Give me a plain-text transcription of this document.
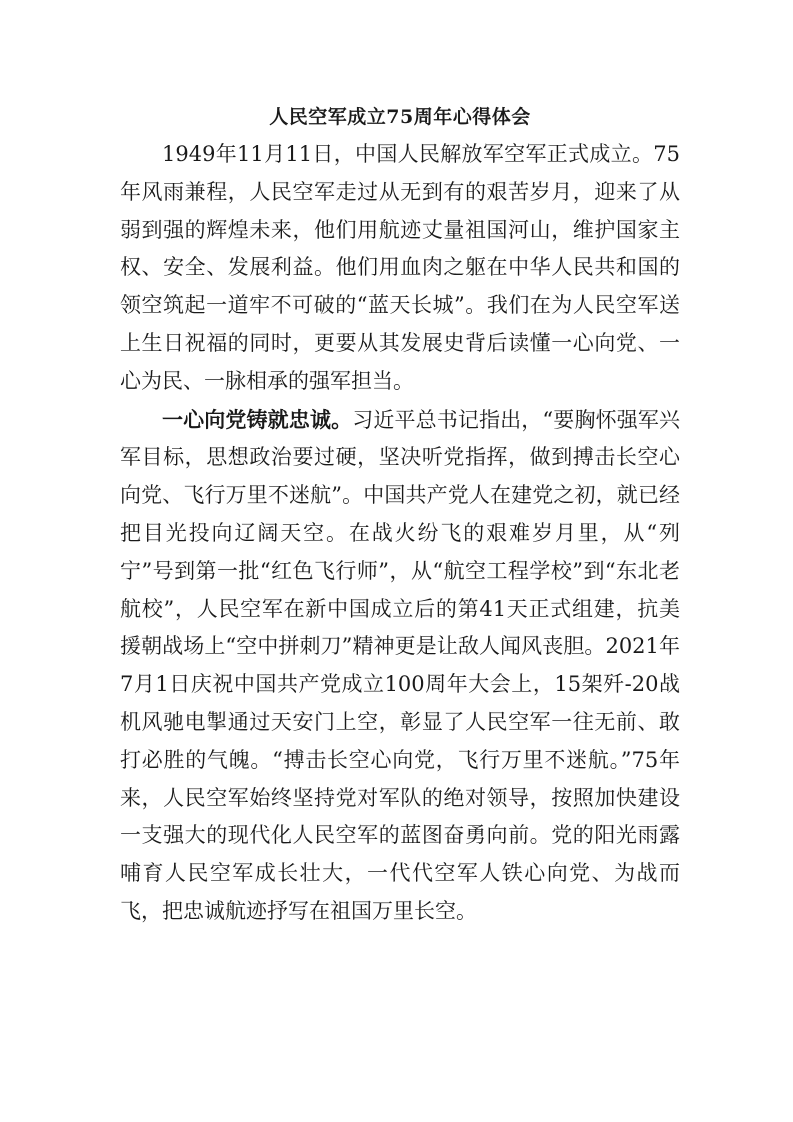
人民空军成立75周年心得体会

1949年11月11日，中国人民解放军空军正式成立。75年风雨兼程，人民空军走过从无到有的艰苦岁月，迎来了从弱到强的辉煌未来，他们用航迹丈量祖国河山，维护国家主权、安全、发展利益。他们用血肉之躯在中华人民共和国的领空筑起一道牢不可破的“蓝天长城”。我们在为人民空军送上生日祝福的同时，更要从其发展史背后读懂一心向党、一心为民、一脉相承的强军担当。

一心向党铸就忠诚。习近平总书记指出，“要胸怀强军兴军目标，思想政治要过硬，坚决听党指挥，做到搏击长空心向党、飞行万里不迷航”。中国共产党人在建党之初，就已经把目光投向辽阔天空。在战火纷飞的艰难岁月里，从“列宁”号到第一批“红色飞行师”，从“航空工程学校”到“东北老航校”，人民空军在新中国成立后的第41天正式组建，抗美援朝战场上“空中拼刺刀”精神更是让敌人闻风丧胆。2021年7月1日庆祝中国共产党成立100周年大会上，15架歼-20战机风驰电掣通过天安门上空，彰显了人民空军一往无前、敢打必胜的气魄。“搏击长空心向党，飞行万里不迷航。”75年来，人民空军始终坚持党对军队的绝对领导，按照加快建设一支强大的现代化人民空军的蓝图奋勇向前。党的阳光雨露哺育人民空军成长壮大，一代代空军人铁心向党、为战而飞，把忠诚航迹抒写在祖国万里长空。
